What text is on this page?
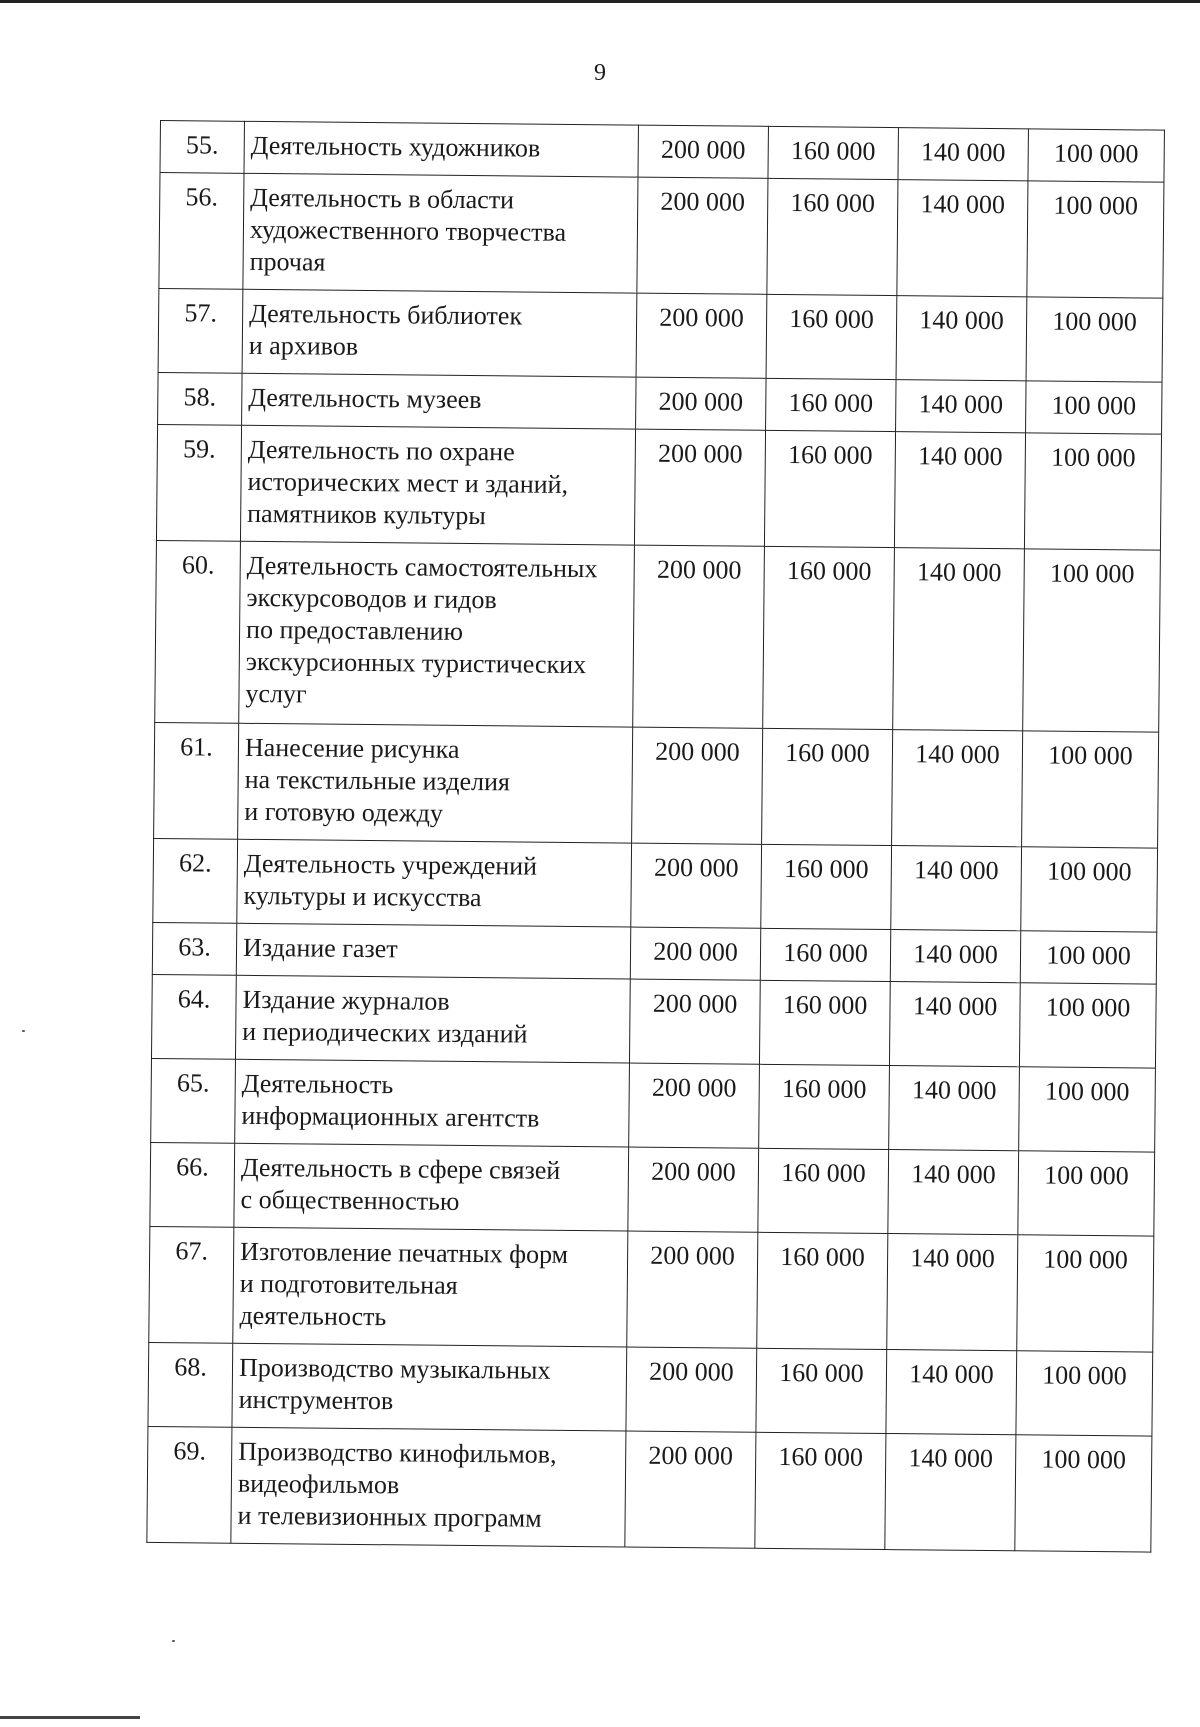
9
55.	Деятельность художников	200 000	160 000	140 000	100 000
56.	Деятельность в области
художественного творчества
прочая	200 000	160 000	140 000	100 000
57.	Деятельность библиотек
и архивов	200 000	160 000	140 000	100 000
58.	Деятельность музеев	200 000	160 000	140 000	100 000
59.	Деятельность по охране
исторических мест и зданий,
памятников культуры	200 000	160 000	140 000	100 000
60.	Деятельность самостоятельных
экскурсоводов и гидов
по предоставлению
экскурсионных туристических
услуг	200 000	160 000	140 000	100 000
61.	Нанесение рисунка
на текстильные изделия
и готовую одежду	200 000	160 000	140 000	100 000
62.	Деятельность учреждений
культуры и искусства	200 000	160 000	140 000	100 000
63.	Издание газет	200 000	160 000	140 000	100 000
64.	Издание журналов
и периодических изданий	200 000	160 000	140 000	100 000
65.	Деятельность
информационных агентств	200 000	160 000	140 000	100 000
66.	Деятельность в сфере связей
с общественностью	200 000	160 000	140 000	100 000
67.	Изготовление печатных форм
и подготовительная
деятельность	200 000	160 000	140 000	100 000
68.	Производство музыкальных
инструментов	200 000	160 000	140 000	100 000
69.	Производство кинофильмов,
видеофильмов
и телевизионных программ	200 000	160 000	140 000	100 000
